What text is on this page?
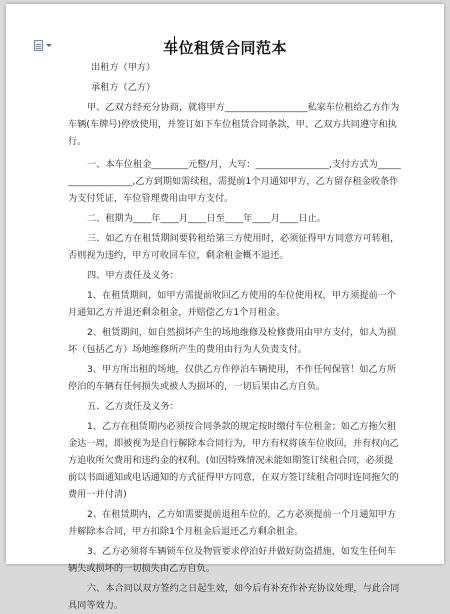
车位租赁合同范本

出租方（甲方）

承租方（乙方）

甲、乙双方经充分协商，就将甲方__________________私家车位租给乙方作为车辆(车牌号)停放使用，并签订如下车位租赁合同条款，甲、乙双方共同遵守和执行。

一、本车位租金________元整/月，大写：________________,支付方式为___________________,乙方到期如需续租，需提前1个月通知甲方，乙方留存租金收条作为支付凭证，车位管理费用由甲方支付。

二、租期为____年____月____日至____年____月____日止。

三、如乙方在租赁期间要转租给第三方使用时，必须征得甲方同意方可转租，否则视为违约，甲方可收回车位，剩余租金概不退还。

四、甲方责任及义务：

1、在租赁期间，如甲方需提前收回乙方使用的车位使用权，甲方须提前一个月通知乙方并退还剩余租金，并赔偿乙方1个月租金。

2、租赁期间，如自然损坏产生的场地维修及检修费用由甲方支付，如人为损坏（包括乙方）场地维修所产生的费用由行为人负责支付。

3、甲方所出租的场地，仅供乙方作停泊车辆使用，不作任何保管！如乙方所停泊的车辆有任何损失或被人为损坏的，一切后果由乙方自负。

五、乙方责任及义务：

1、乙方在租赁期内必须按合同条款的规定按时缴付车位租金；如乙方拖欠租金达一周，即被视为是自行解除本合同行为，甲方有权将该车位收回，并有权向乙方追收所欠费用和违约金的权利。(如因特殊情况未能如期签订续租合同，必须提前以书面通知或电话通知的方式征得甲方同意，在双方签订续租合同时连同拖欠的费用一并付清)

2、在租赁期内，乙方如需要提前退租车位的，乙方必须提前一个月通知甲方并解除本合同，甲方扣除1个月租金后退还乙方剩余租金。

3、乙方必须将车辆锁车位及物管要求停泊好并做好防盗措施，如发生任何车辆失或损坏的一切损失由乙方自负。

六、本合同以双方签约之日起生效，如今后有补充作补充协议处理，与此合同具同等效力。
